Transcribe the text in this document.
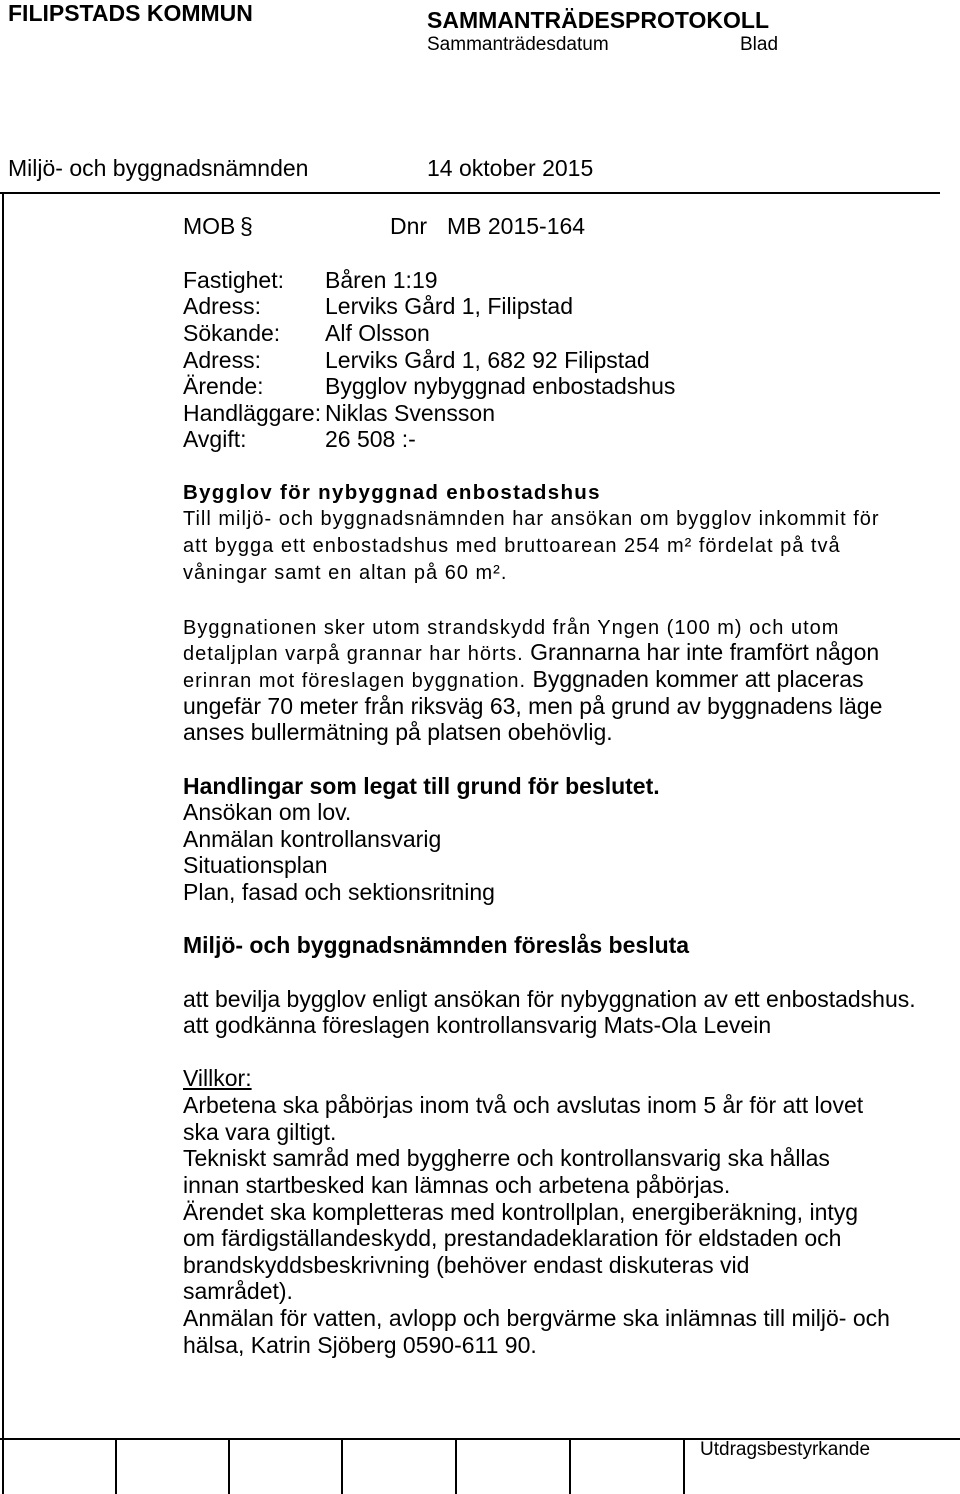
FILIPSTADS KOMMUN	SAMMANTRÄDESPROTOKOLL
Sammanträdesdatum	Blad
Miljö- och byggnadsnämnden	14 oktober 2015
Utdragsbestyrkande
MOB §	Dnr MB 2015-164
Fastighet:	Båren 1:19
Adress:	Lerviks Gård 1, Filipstad
Sökande:	Alf Olsson
Adress:	Lerviks Gård 1, 682 92 Filipstad
Ärende:	Bygglov nybyggnad enbostadshus
Handläggare: Niklas Svensson
Avgift:	26 508 :-
Bygglov för nybyggnad enbostadshus
Till miljö- och byggnadsnämnden har ansökan om bygglov inkommit för
att bygga ett enbostadshus med bruttoarean 254 m² fördelat på två
våningar samt en altan på 60 m².
Byggnationen sker utom strandskydd från Yngen (100 m) och utom
detaljplan varpå grannar har hörts. Grannarna har inte framfört någon
erinran mot föreslagen byggnation. Byggnaden kommer att placeras
ungefär 70 meter från riksväg 63, men på grund av byggnadens läge
anses bullermätning på platsen obehövlig.
Handlingar som legat till grund för beslutet.
Ansökan om lov.
Anmälan kontrollansvarig
Situationsplan
Plan, fasad och sektionsritning
Miljö- och byggnadsnämnden föreslås besluta
att bevilja bygglov enligt ansökan för nybyggnation av ett enbostadshus.
att godkänna föreslagen kontrollansvarig Mats-Ola Levein
Villkor:
Arbetena ska påbörjas inom två och avslutas inom 5 år för att lovet
ska vara giltigt.
Tekniskt samråd med byggherre och kontrollansvarig ska hållas
innan startbesked kan lämnas och arbetena påbörjas.
Ärendet ska kompletteras med kontrollplan, energiberäkning, intyg
om färdigställandeskydd, prestandadeklaration för eldstaden och
brandskyddsbeskrivning (behöver endast diskuteras vid
samrådet).
Anmälan för vatten, avlopp och bergvärme ska inlämnas till miljö- och
hälsa, Katrin Sjöberg 0590-611 90.
